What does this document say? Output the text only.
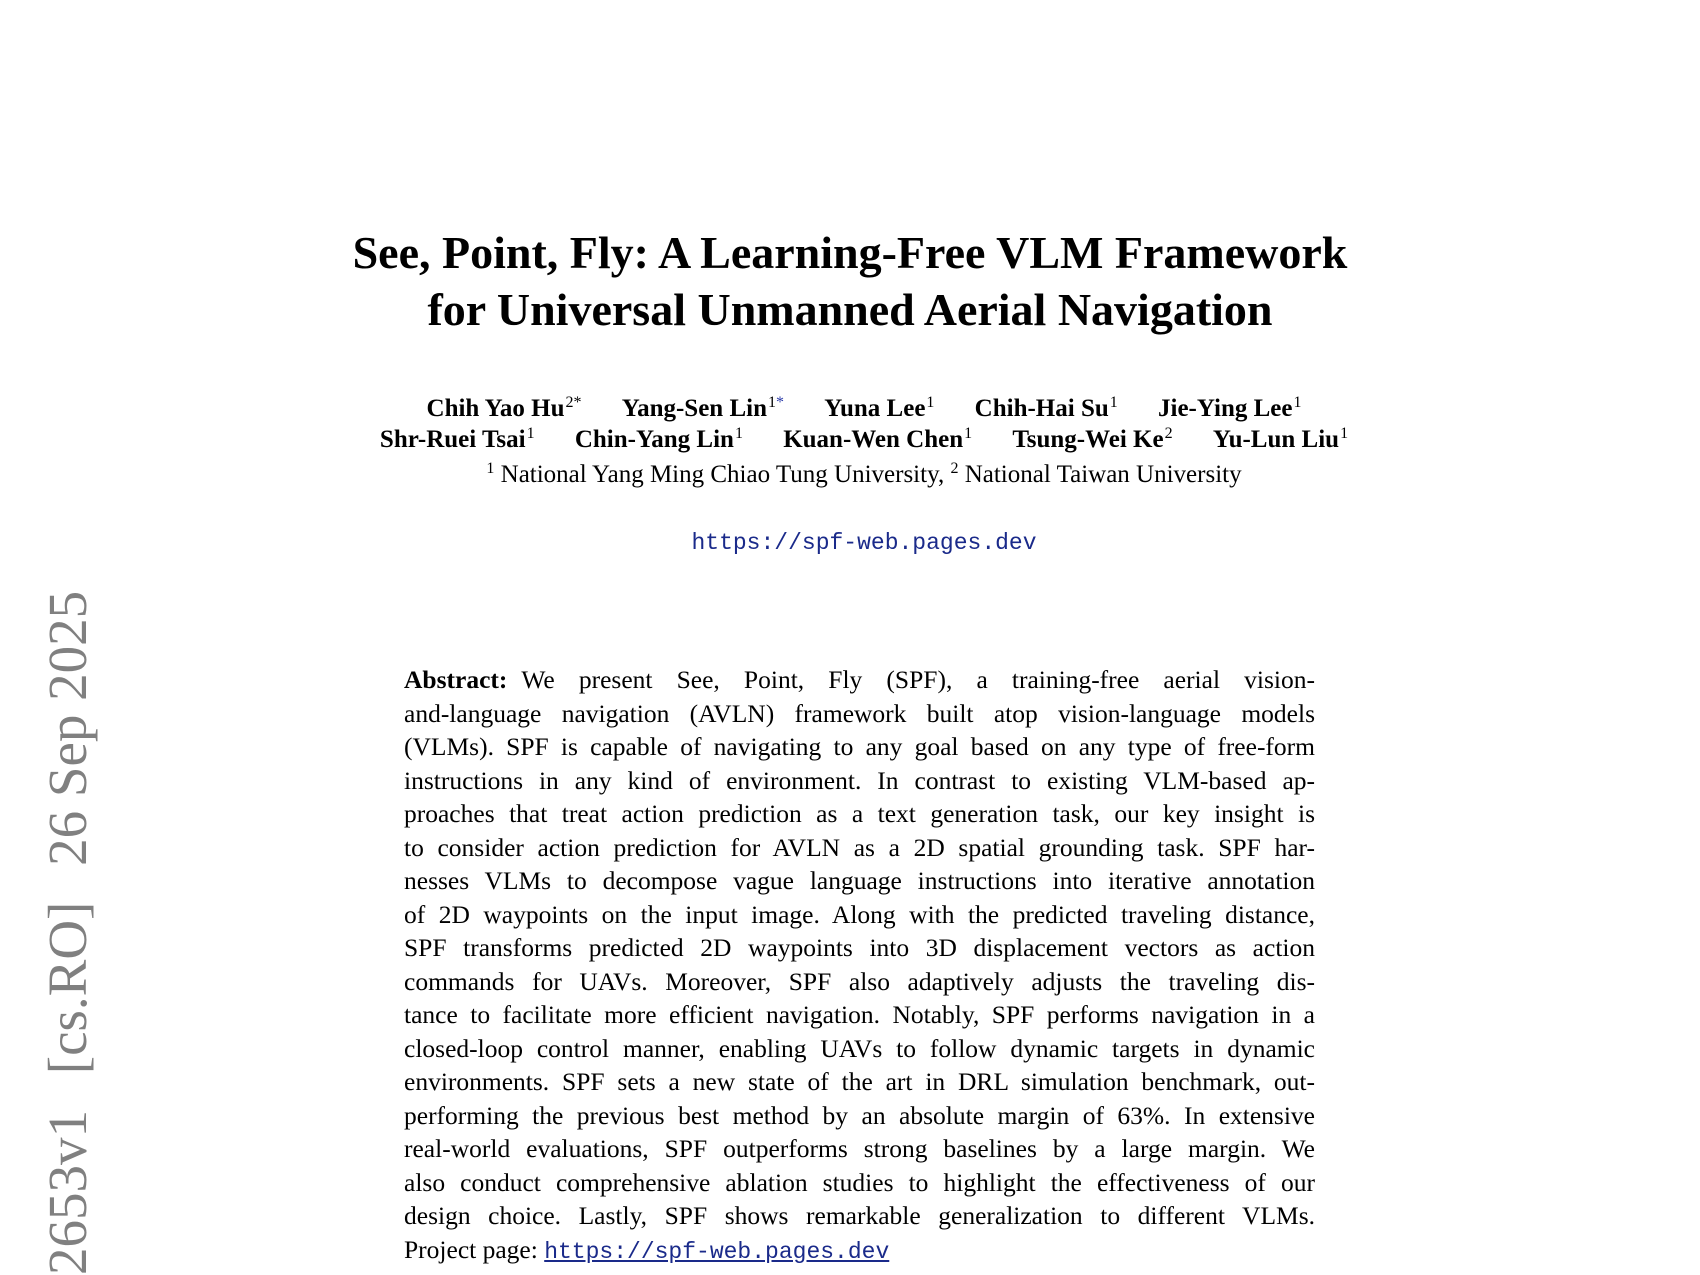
See, Point, Fly: A Learning-Free VLM Framework
for Universal Unmanned Aerial Navigation
Chih Yao $Hu^{2*}$ Yang-Sen Lin$^{1*}$ Yuna Lee$^1$ Chih-Hai Su$^1$ Jie-Ying Lee$^1$
Shr-Ruei Tsai$^1$ Chin-Yang Lin$^1$ Kuan-Wen Chen$^1$ Tsung-Wei Ke$^2$ Yu-Lun Liu$^1$
$^1$ National Yang Ming Chiao Tung University, $^2$ National Taiwan University
https://spf-web.pages.dev
Abstract: We present See, Point, Fly (SPF), a training-free aerial vision-
and-language navigation (AVLN) framework built atop vision-language models
(VLMs). SPF is capable of navigating to any goal based on any type of free-form
instructions in any kind of environment. In contrast to existing VLM-based ap-
proaches that treat action prediction as a text generation task, our key insight is
to consider action prediction for AVLN as a 2D spatial grounding task. SPF har-
nesses VLMs to decompose vague language instructions into iterative annotation
of 2D waypoints on the input image. Along with the predicted traveling distance,
SPF transforms predicted 2D waypoints into 3D displacement vectors as action
commands for UAVs. Moreover, SPF also adaptively adjusts the traveling dis-
tance to facilitate more efficient navigation. Notably, SPF performs navigation in a
closed-loop control manner, enabling UAVs to follow dynamic targets in dynamic
environments. SPF sets a new state of the art in DRL simulation benchmark, out-
performing the previous best method by an absolute margin of 63%. In extensive
real-world evaluations, SPF outperforms strong baselines by a large margin. We
also conduct comprehensive ablation studies to highlight the effectiveness of our
design choice. Lastly, SPF shows remarkable generalization to different VLMs.
Project page: https://spf-web.pages.dev
2653v1 [cs.RO] 26 Sep 2025
